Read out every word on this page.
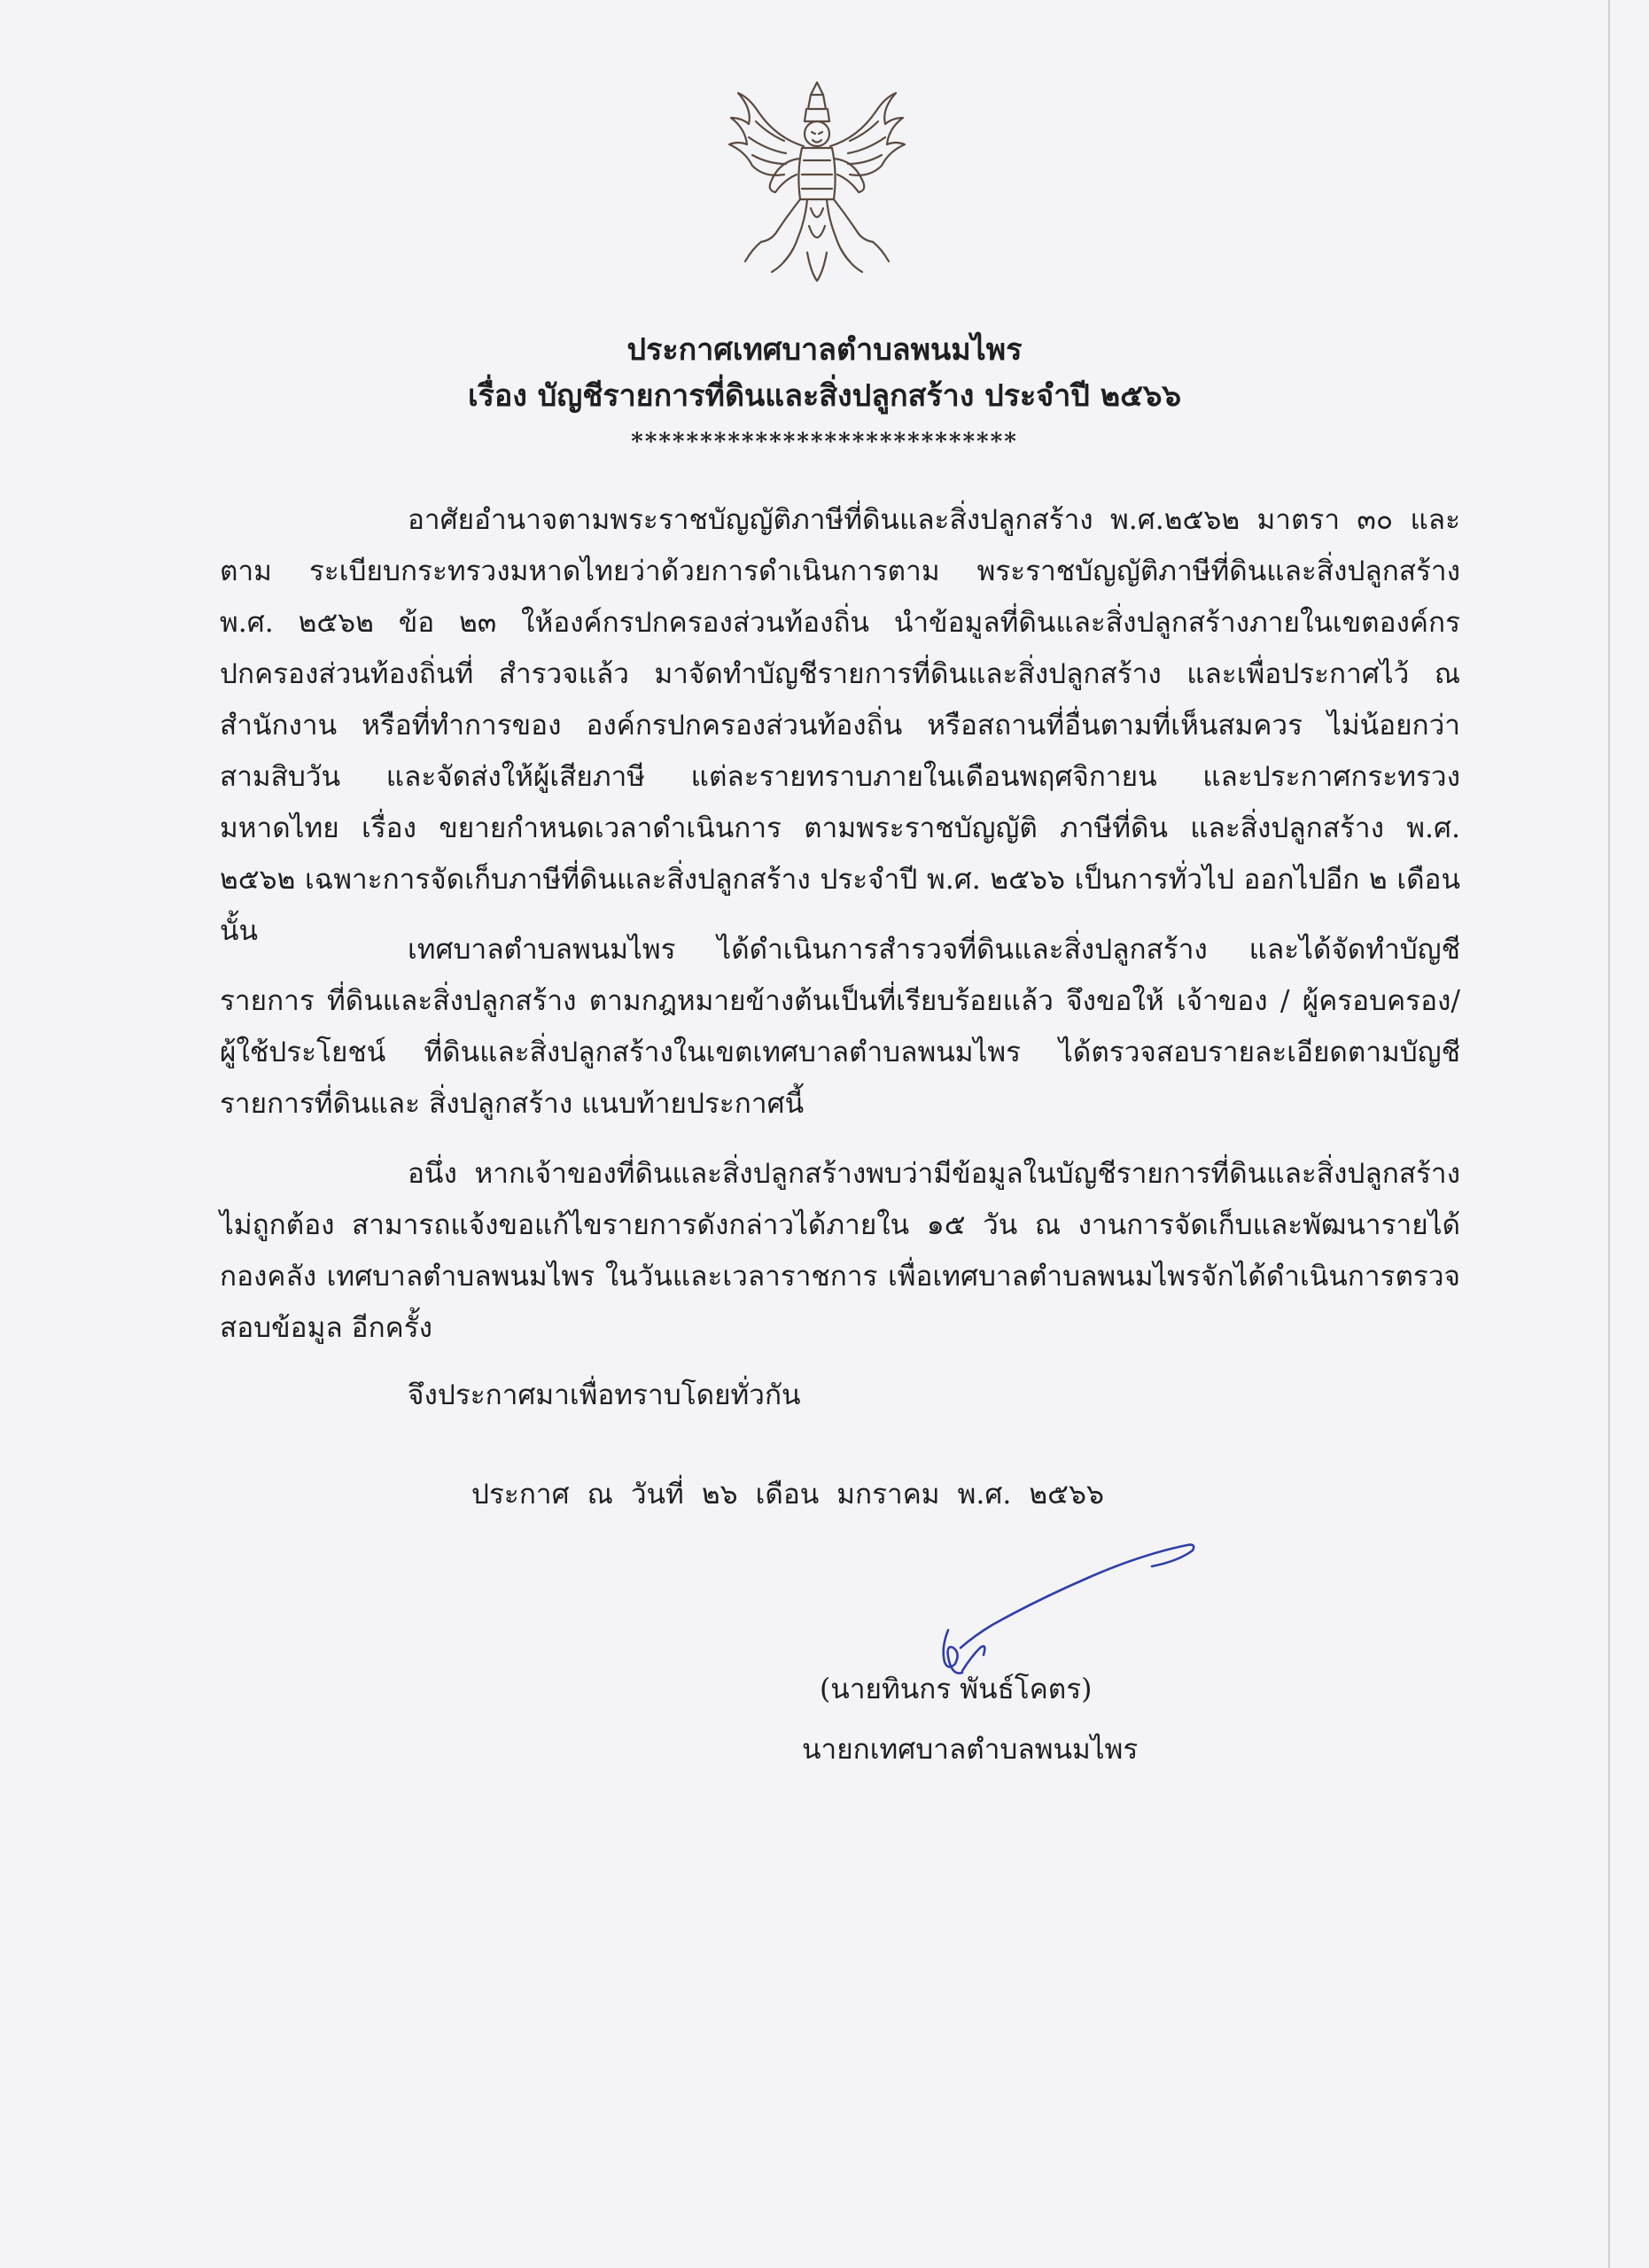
ประกาศเทศบาลตำบลพนมไพร
เรื่อง บัญชีรายการที่ดินและสิ่งปลูกสร้าง ประจำปี ๒๕๖๖
****************************

อาศัยอำนาจตามพระราชบัญญัติภาษีที่ดินและสิ่งปลูกสร้าง พ.ศ.๒๕๖๒ มาตรา ๓๐ และตาม ระเบียบกระทรวงมหาดไทยว่าด้วยการดำเนินการตาม พระราชบัญญัติภาษีที่ดินและสิ่งปลูกสร้าง พ.ศ. ๒๕๖๒ ข้อ ๒๓ ให้องค์กรปกครองส่วนท้องถิ่น นำข้อมูลที่ดินและสิ่งปลูกสร้างภายในเขตองค์กรปกครองส่วนท้องถิ่นที่ สำรวจแล้ว มาจัดทำบัญชีรายการที่ดินและสิ่งปลูกสร้าง และเพื่อประกาศไว้ ณ สำนักงาน หรือที่ทำการของ องค์กรปกครองส่วนท้องถิ่น หรือสถานที่อื่นตามที่เห็นสมควร ไม่น้อยกว่าสามสิบวัน และจัดส่งให้ผู้เสียภาษี แต่ละรายทราบภายในเดือนพฤศจิกายน และประกาศกระทรวงมหาดไทย เรื่อง ขยายกำหนดเวลาดำเนินการ ตามพระราชบัญญัติ ภาษีที่ดิน และสิ่งปลูกสร้าง พ.ศ. ๒๕๖๒ เฉพาะการจัดเก็บภาษีที่ดินและสิ่งปลูกสร้าง ประจำปี พ.ศ. ๒๕๖๖ เป็นการทั่วไป ออกไปอีก ๒ เดือน นั้น

เทศบาลตำบลพนมไพร ได้ดำเนินการสำรวจที่ดินและสิ่งปลูกสร้าง และได้จัดทำบัญชีรายการ ที่ดินและสิ่งปลูกสร้าง ตามกฎหมายข้างต้นเป็นที่เรียบร้อยแล้ว จึงขอให้ เจ้าของ / ผู้ครอบครอง/ ผู้ใช้ประโยชน์ ที่ดินและสิ่งปลูกสร้างในเขตเทศบาลตำบลพนมไพร ได้ตรวจสอบรายละเอียดตามบัญชีรายการที่ดินและ สิ่งปลูกสร้าง แนบท้ายประกาศนี้

อนึ่ง หากเจ้าของที่ดินและสิ่งปลูกสร้างพบว่ามีข้อมูลในบัญชีรายการที่ดินและสิ่งปลูกสร้าง ไม่ถูกต้อง สามารถแจ้งขอแก้ไขรายการดังกล่าวได้ภายใน ๑๕ วัน ณ งานการจัดเก็บและพัฒนารายได้ กองคลัง เทศบาลตำบลพนมไพร ในวันและเวลาราชการ เพื่อเทศบาลตำบลพนมไพรจักได้ดำเนินการตรวจสอบข้อมูล อีกครั้ง

จึงประกาศมาเพื่อทราบโดยทั่วกัน
ประกาศ ณ วันที่ ๒๖ เดือน มกราคม พ.ศ. ๒๕๖๖
(นายทินกร พันธ์โคตร)
นายกเทศบาลตำบลพนมไพร
